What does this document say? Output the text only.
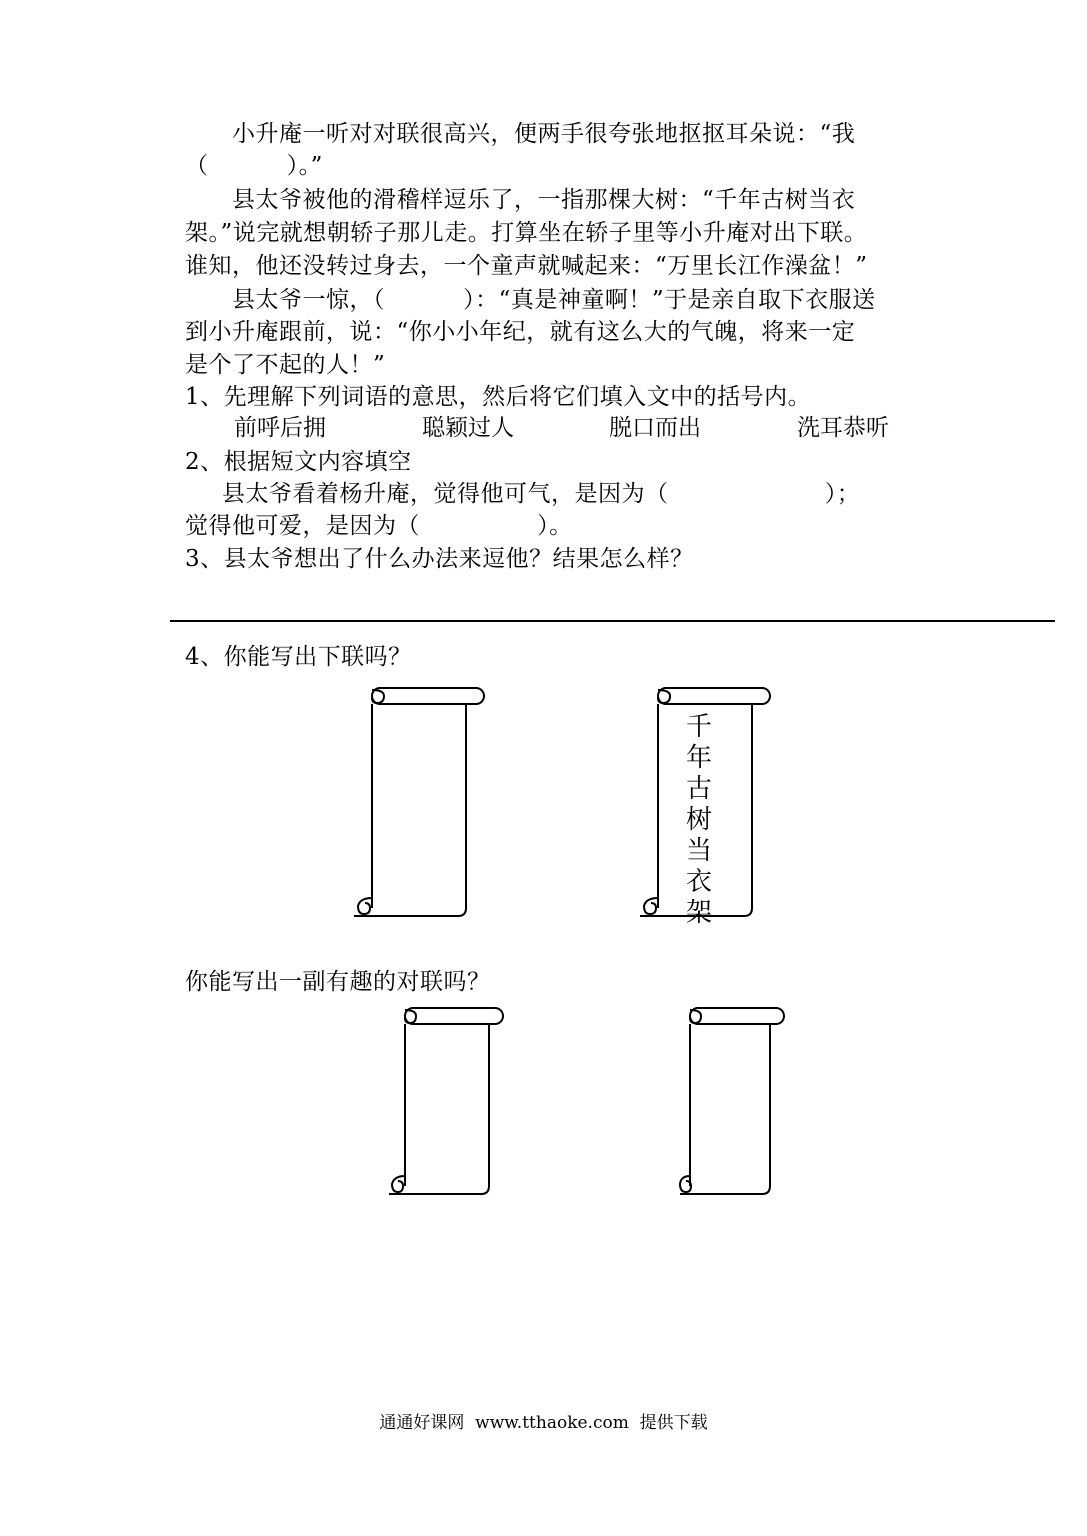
小升庵一听对对联很高兴，便两手很夸张地抠抠耳朵说：“我
（          ）。”
县太爷被他的滑稽样逗乐了，一指那棵大树：“千年古树当衣
架。”说完就想朝轿子那儿走。打算坐在轿子里等小升庵对出下联。
谁知，他还没转过身去，一个童声就喊起来：“万里长江作澡盆！”
县太爷一惊，（          ）：“真是神童啊！”于是亲自取下衣服送
到小升庵跟前，说：“你小小年纪，就有这么大的气魄，将来一定
是个了不起的人！”
1、先理解下列词语的意思，然后将它们填入文中的括号内。
前呼后拥	聪颖过人	脱口而出	洗耳恭听
2、根据短文内容填空
县太爷看着杨升庵，觉得他可气，是因为（                    ）；
觉得他可爱，是因为（               ）。
3、县太爷想出了什么办法来逗他？结果怎么样？
4、你能写出下联吗？
千年古树当衣架
你能写出一副有趣的对联吗？
通通好课网  www.tthaoke.com  提供下载
